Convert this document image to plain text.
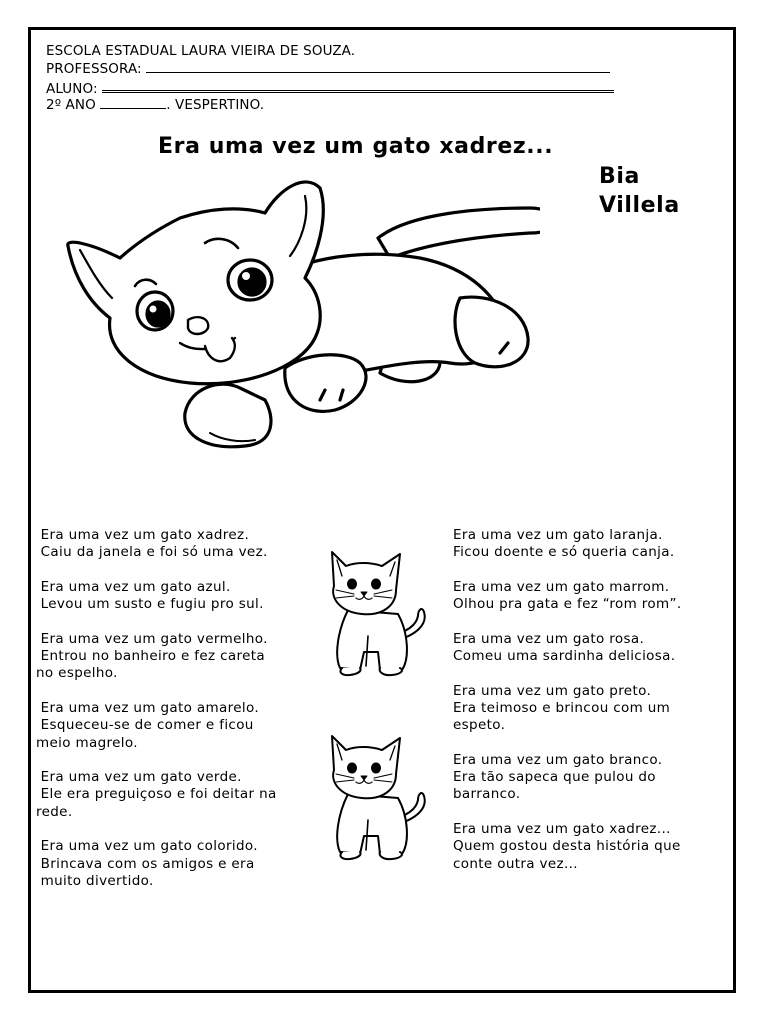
ESCOLA ESTADUAL LAURA VIEIRA DE SOUZA.
PROFESSORA:
ALUNO:
2º ANO	. VESPERTINO.
Era uma vez um gato xadrez...
Bia
Villela
Era uma vez um gato xadrez.
Caiu da janela e foi só uma vez.
Era uma vez um gato azul.
Levou um susto e fugiu pro sul.
Era uma vez um gato vermelho.
Entrou no banheiro e fez careta
no espelho.
Era uma vez um gato amarelo.
Esqueceu-se de comer e ficou
meio magrelo.
Era uma vez um gato verde.
Ele era preguiçoso e foi deitar na
rede.
Era uma vez um gato colorido.
Brincava com os amigos e era
muito divertido.
Era uma vez um gato laranja.
Ficou doente e só queria canja.
Era uma vez um gato marrom.
Olhou pra gata e fez “rom rom”.
Era uma vez um gato rosa.
Comeu uma sardinha deliciosa.
Era uma vez um gato preto.
Era teimoso e brincou com um
espeto.
Era uma vez um gato branco.
Era tão sapeca que pulou do
barranco.
Era uma vez um gato xadrez...
Quem gostou desta história que
conte outra vez...
